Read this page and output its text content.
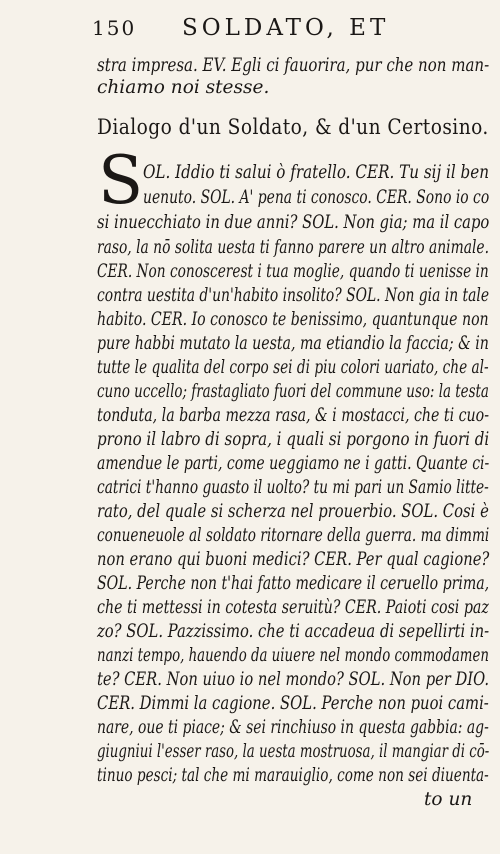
150	SOLDATO, ET
stra impresa. EV. Egli ci fauorira, pur che non man-
chiamo noi stesse.
Dialogo d'un Soldato, & d'un Certosino.
S OL. Iddio ti salui ò fratello. CER. Tu sij il ben
uenuto. SOL. A' pena ti conosco. CER. Sono io co
si inuecchiato in due anni? SOL. Non gia; ma il capo
raso, la nō solita uesta ti fanno parere un altro animale.
CER. Non conoscerest i tua moglie, quando ti uenisse in
contra uestita d'un'habito insolito? SOL. Non gia in tale
habito. CER. Io conosco te benissimo, quantunque non
pure habbi mutato la uesta, ma etiandio la faccia; & in
tutte le qualita del corpo sei di piu colori uariato, che al-
cuno uccello; frastagliato fuori del commune uso: la testa
tonduta, la barba mezza rasa, & i mostacci, che ti cuo-
prono il labro di sopra, i quali si porgono in fuori di
amendue le parti, come ueggiamo ne i gatti. Quante ci-
catrici t'hanno guasto il uolto? tu mi pari un Samio litte-
rato, del quale si scherza nel prouerbio. SOL. Cosi è
conueneuole al soldato ritornare della guerra. ma dimmi
non erano qui buoni medici? CER. Per qual cagione?
SOL. Perche non t'hai fatto medicare il ceruello prima,
che ti mettessi in cotesta seruitù? CER. Paioti cosi paz
zo? SOL. Pazzissimo. che ti accadeua di sepellirti in-
nanzi tempo, hauendo da uiuere nel mondo commodamen
te? CER. Non uiuo io nel mondo? SOL. Non per DIO.
CER. Dimmi la cagione. SOL. Perche non puoi cami-
nare, oue ti piace; & sei rinchiuso in questa gabbia: ag-
giugniui l'esser raso, la uesta mostruosa, il mangiar di cō-
tinuo pesci; tal che mi marauiglio, come non sei diuenta-
to un
